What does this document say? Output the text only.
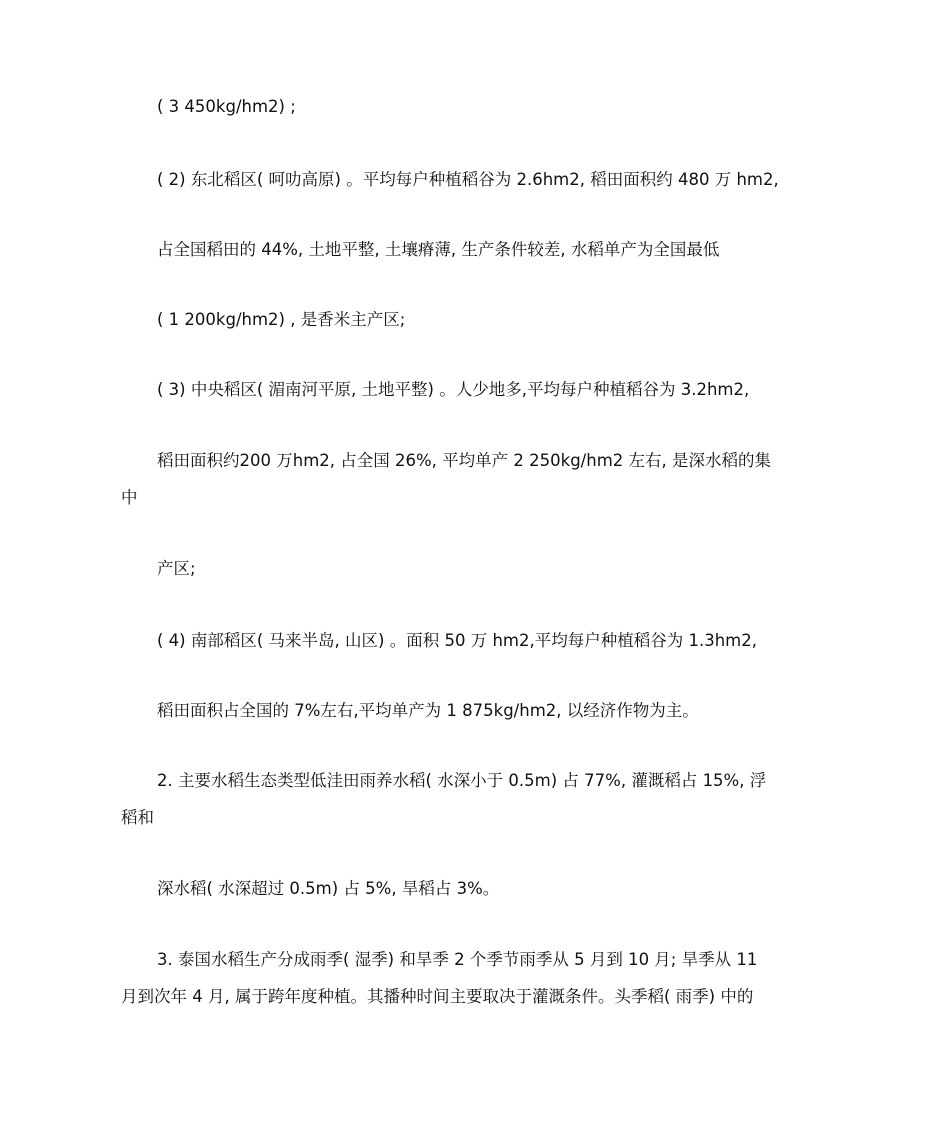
( 3 450kg/hm2) ;
( 2) 东北稻区( 呵叻高原) 。平均每户种植稻谷为 2.6hm2, 稻田面积约 480 万 hm2,
占全国稻田的 44%, 土地平整, 土壤瘠薄, 生产条件较差, 水稻单产为全国最低
( 1 200kg/hm2) , 是香米主产区;
( 3) 中央稻区( 湄南河平原, 土地平整) 。人少地多,平均每户种植稻谷为 3.2hm2,
稻田面积约200 万hm2, 占全国 26%, 平均单产 2 250kg/hm2 左右, 是深水稻的集
中
产区;
( 4) 南部稻区( 马来半岛, 山区) 。面积 50 万 hm2,平均每户种植稻谷为 1.3hm2,
稻田面积占全国的 7%左右,平均单产为 1 875kg/hm2, 以经济作物为主。
2. 主要水稻生态类型低洼田雨养水稻( 水深小于 0.5m) 占 77%, 灌溉稻占 15%, 浮
稻和
深水稻( 水深超过 0.5m) 占 5%, 旱稻占 3%。
3. 泰国水稻生产分成雨季( 湿季) 和旱季 2 个季节雨季从 5 月到 10 月; 旱季从 11
月到次年 4 月, 属于跨年度种植。其播种时间主要取决于灌溉条件。头季稻( 雨季) 中的
